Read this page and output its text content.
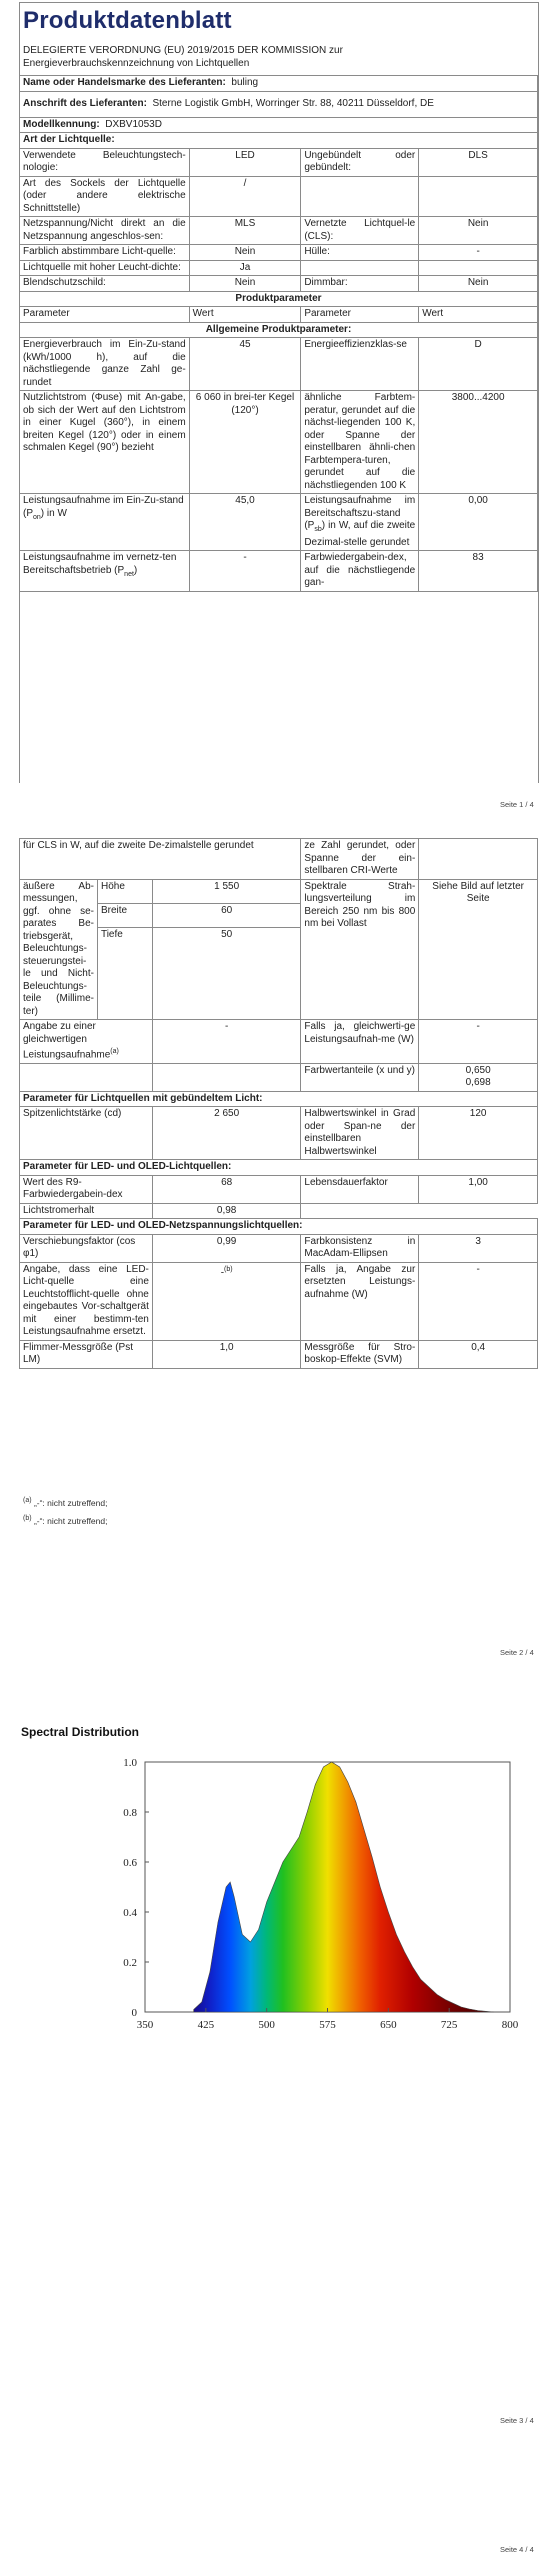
Produktdatenblatt
DELEGIERTE VERORDNUNG (EU) 2019/2015 DER KOMMISSION zur Energieverbrauchskennzeichnung von Lichtquellen
Name oder Handelsmarke des Lieferanten: buling			
Anschrift des Lieferanten: Sterne Logistik GmbH, Worringer Str. 88, 40211 Düsseldorf, DE			
Modellkennung: DXBV1053D			
Art der Lichtquelle:			
Verwendete Beleuchtungstech-nologie:	LED	Ungebündelt oder gebündelt:	DLS
Art des Sockels der Lichtquelle (oder andere elektrische Schnittstelle)	/		
Netzspannung/Nicht direkt an die Netzspannung angeschlos-sen:	MLS	Vernetzte Lichtquel-le (CLS):	Nein
Farblich abstimmbare Licht-quelle:	Nein	Hülle:	-
Lichtquelle mit hoher Leucht-dichte:	Ja		
Blendschutzschild:	Nein	Dimmbar:	Nein
Produktparameter			
Parameter	Wert	Parameter	Wert
Allgemeine Produktparameter:			
Energieverbrauch im Ein-Zu-stand (kWh/1000 h), auf die nächstliegende ganze Zahl ge-rundet	45	Energieeffizienzklas-se	D
Nutzlichtstrom (Φuse) mit An-gabe, ob sich der Wert auf den Lichtstrom in einer Kugel (360°), in einem breiten Kegel (120°) oder in einem schmalen Kegel (90°) bezieht	6 060 in brei-ter Kegel (120°)	ähnliche Farbtem-peratur, gerundet auf die nächst-liegenden 100 K, oder Spanne der einstellbaren ähnli-chen Farbtempera-turen, gerundet auf die nächstliegenden 100 K	3800...4200
Leistungsaufnahme im Ein-Zu-stand $(P_{on})$ in W	45,0	Leistungsaufnahme im Bereitschaftszu-stand $(P_{sb})$ in W, auf die zweite Dezimal-stelle gerundet	0,00
Leistungsaufnahme im vernetz-ten Bereitschaftsbetrieb $(P_{net})$	-	Farbwiedergabein-dex, auf die nächstliegende gan-	83
Seite 1 / 4
für CLS in W, auf die zweite De-zimalstelle gerundet			ze Zahl gerundet, oder Spanne der ein-stellbaren CRI-Werte	
äußere Ab-messungen, ggf. ohne se-parates Be-triebsgerät, Beleuchtungs-steuerungstei-le und Nicht-Beleuchtungs-teile (Millime-ter)	Höhe	1 550	Spektrale Strah-lungsverteilung im Bereich 250 nm bis 800 nm bei Vollast	Siehe Bild auf letzter Seite
	Breite	60		
	Tiefe	50		
Angabe zu einer gleichwertigen Leistungsaufnahme$^{(a)}$		-	Falls ja, gleichwerti-ge Leistungsaufnah-me (W)	-
			Farbwertanteile (x und y)	0,650
0,698
Parameter für Lichtquellen mit gebündeltem Licht:				
Spitzenlichtstärke (cd)		2 650	Halbwertswinkel in Grad oder Span-ne der einstellbaren Halbwertswinkel	120
Parameter für LED- und OLED-Lichtquellen:				
Wert des R9-Farbwiedergabein-dex		68	Lebensdauerfaktor	1,00
Lichtstromerhalt		0,98		
Parameter für LED- und OLED-Netzspannungslichtquellen:				
Verschiebungsfaktor (cos φ1)		0,99	Farbkonsistenz in MacAdam-Ellipsen	3
Angabe, dass eine LED-Licht-quelle eine Leuchtstofflicht-quelle ohne eingebautes Vor-schaltgerät mit einer bestimm-ten Leistungsaufnahme ersetzt.		-$^{(b)}$	Falls ja, Angabe zur ersetzten Leistungs-aufnahme (W)	-
Flimmer-Messgröße (Pst LM)		1,0	Messgröße für Stro-boskop-Effekte (SVM)	0,4
$^{(a)}$ „-“: nicht zutreffend;
$^{(b)}$ „-“: nicht zutreffend;
Seite 2 / 4
Spectral Distribution
0
0.2
0.4
0.6
0.8
1.0
350	425	500	575	650	725	800
Seite 3 / 4
Seite 4 / 4
